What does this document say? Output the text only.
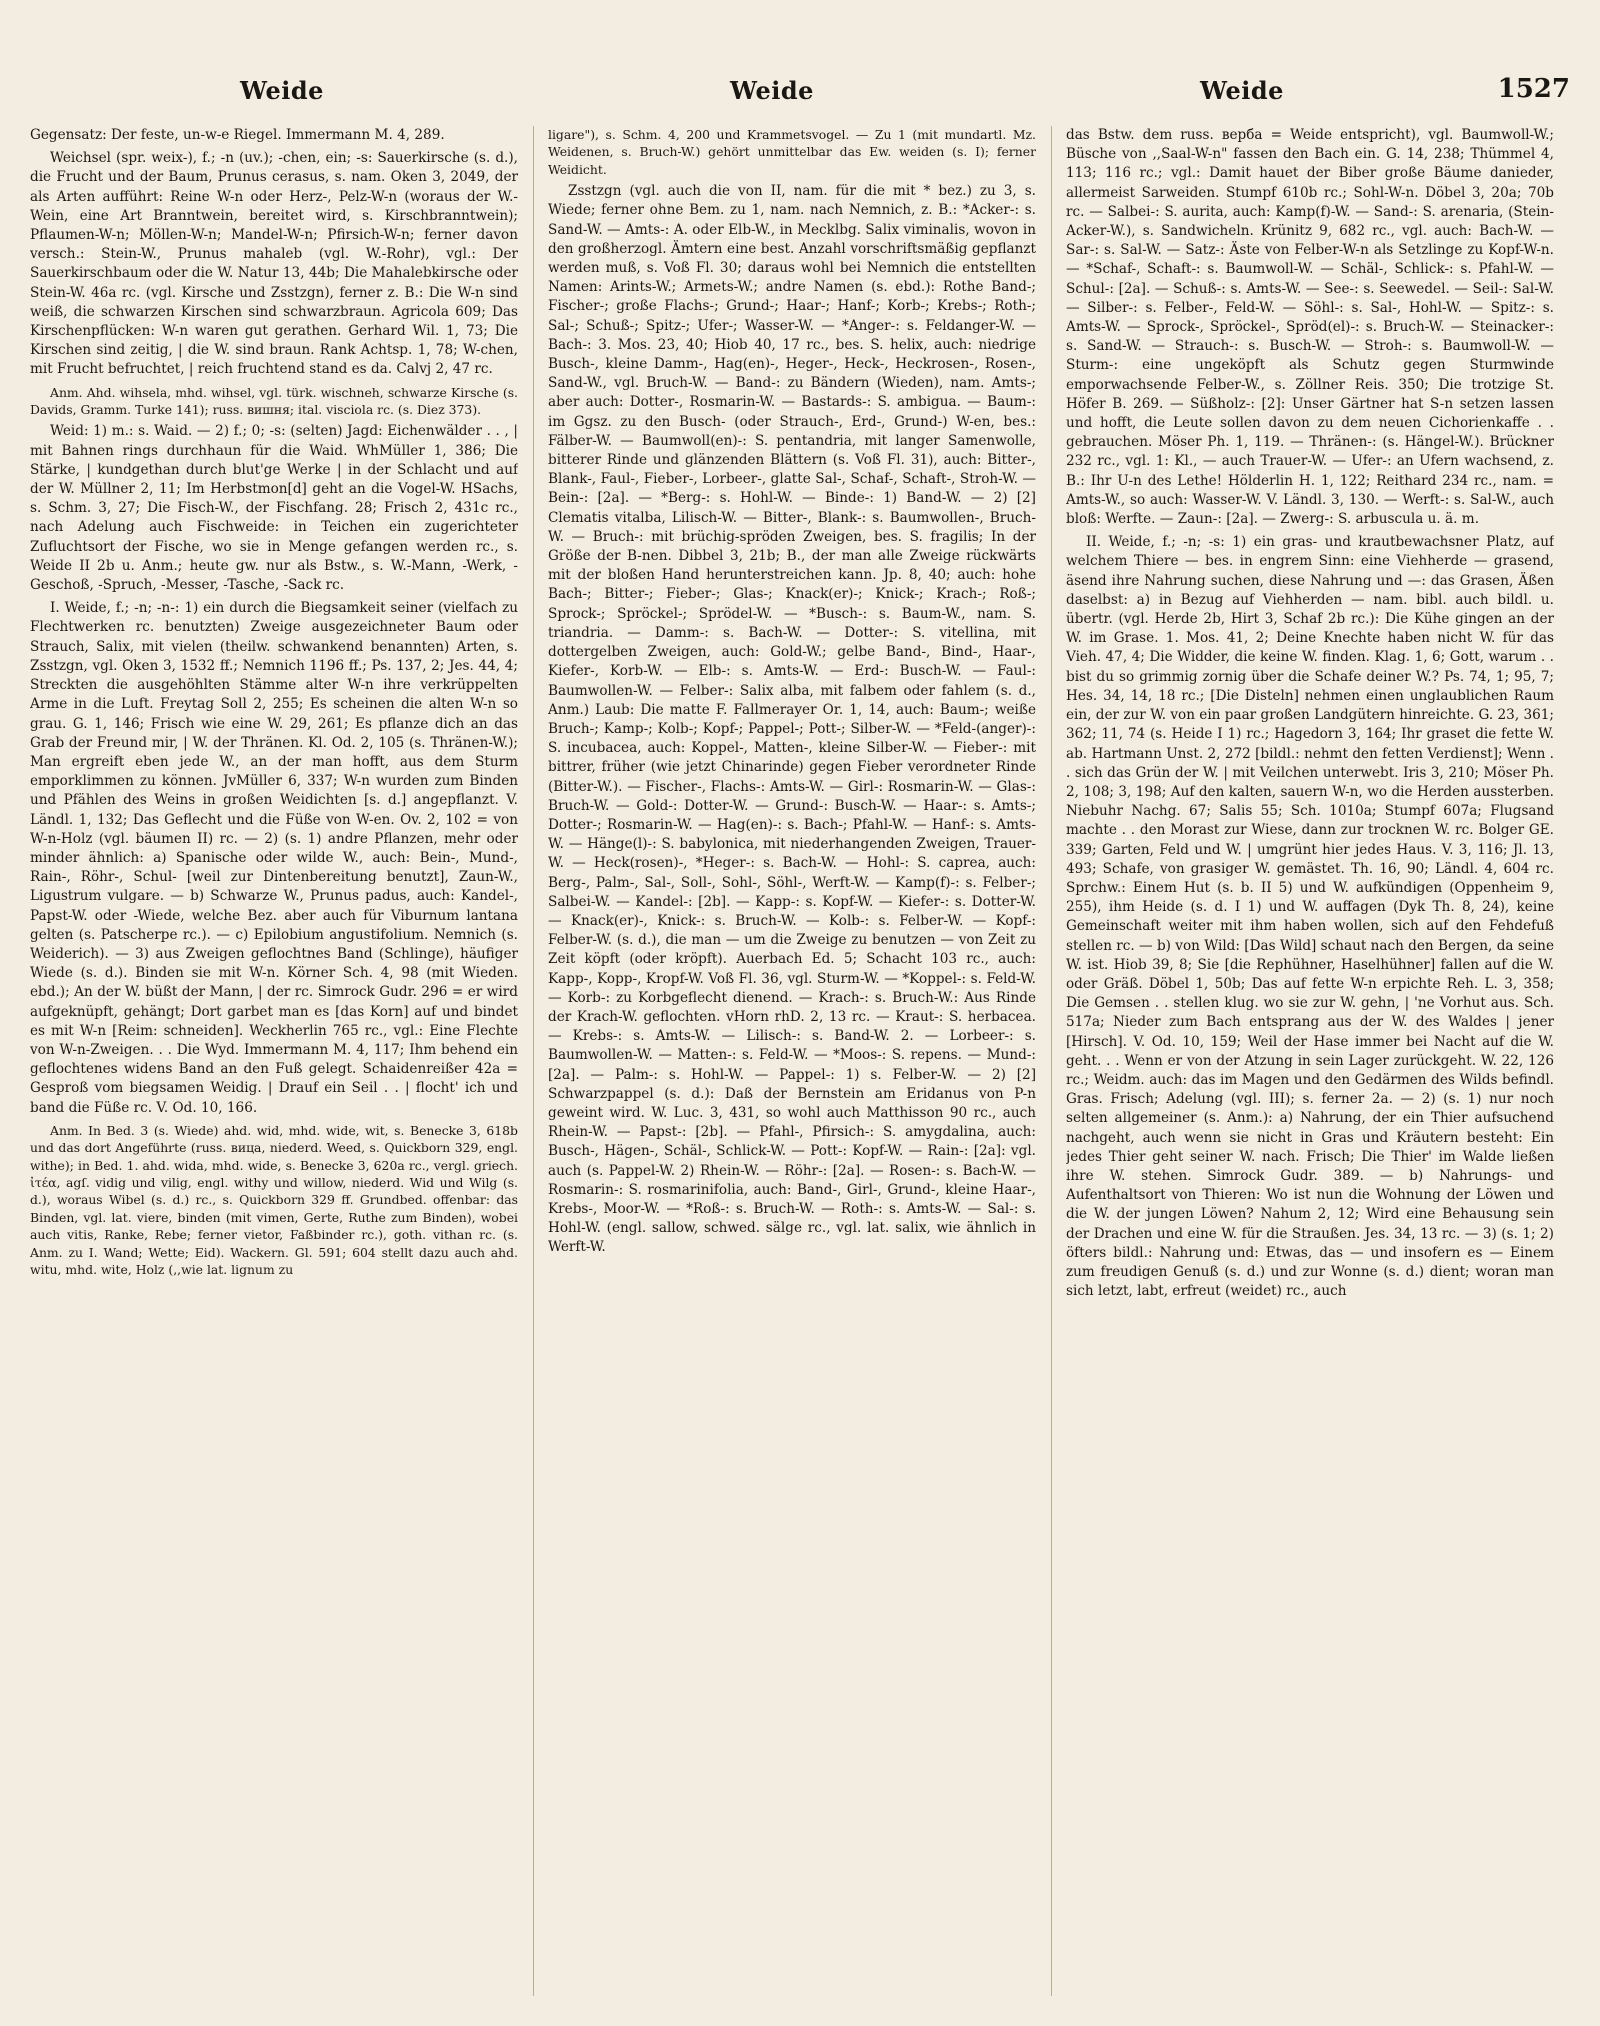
Weide	Weide	Weide	1527

Gegensatz: Der feste, un-w-e Riegel. Immermann M. 4, 289.

Weichsel (spr. weix-), f.; -n (uv.); -chen, ein; -s: Sauerkirsche (s. d.), die Frucht und der Baum, Prunus cerasus, s. nam. Oken 3, 2049, der als Arten aufführt: Reine W-n oder Herz-, Pelz-W-n (woraus der W.-Wein, eine Art Branntwein, bereitet wird, s. Kirschbranntwein); Pflaumen-W-n; Möllen-W-n; Mandel-W-n; Pfirsich-W-n; ferner davon versch.: Stein-W., Prunus mahaleb (vgl. W.-Rohr), vgl.: Der Sauerkirschbaum oder die W. Natur 13, 44b; Die Mahalebkirsche oder Stein-W. 46a rc. (vgl. Kirsche und Zsstzgn), ferner z. B.: Die W-n sind weiß, die schwarzen Kirschen sind schwarzbraun. Agricola 609; Das Kirschenpflücken: W-n waren gut gerathen. Gerhard Wil. 1, 73; Die Kirschen sind zeitig, | die W. sind braun. Rank Achtsp. 1, 78; W-chen, mit Frucht befruchtet, | reich fruchtend stand es da. Calvj 2, 47 rc.

Anm. Ahd. wihsela, mhd. wihsel, vgl. türk. wischneh, schwarze Kirsche (s. Davids, Gramm. Turke 141); russ. вишня; ital. visciola rc. (s. Diez 373).

Weid: 1) m.: s. Waid. — 2) f.; 0; -s: (selten) Jagd: Eichenwälder . . , | mit Bahnen rings durchhaun für die Waid. WhMüller 1, 386; Die Stärke, | kundgethan durch blut'ge Werke | in der Schlacht und auf der W. Müllner 2, 11; Im Herbstmon[d] geht an die Vogel-W. HSachs, s. Schm. 3, 27; Die Fisch-W., der Fischfang. 28; Frisch 2, 431c rc., nach Adelung auch Fischweide: in Teichen ein zugerichteter Zufluchtsort der Fische, wo sie in Menge gefangen werden rc., s. Weide II 2b u. Anm.; heute gw. nur als Bstw., s. W.-Mann, -Werk, -Geschoß, -Spruch, -Messer, -Tasche, -Sack rc.

I. Weide, f.; -n; -n-: 1) ein durch die Biegsamkeit seiner (vielfach zu Flechtwerken rc. benutzten) Zweige ausgezeichneter Baum oder Strauch, Salix, mit vielen (theilw. schwankend benannten) Arten, s. Zsstzgn, vgl. Oken 3, 1532 ff.; Nemnich 1196 ff.; Ps. 137, 2; Jes. 44, 4; Streckten die ausgehöhlten Stämme alter W-n ihre verkrüppelten Arme in die Luft. Freytag Soll 2, 255; Es scheinen die alten W-n so grau. G. 1, 146; Frisch wie eine W. 29, 261; Es pflanze dich an das Grab der Freund mir, | W. der Thränen. Kl. Od. 2, 105 (s. Thränen-W.); Man ergreift eben jede W., an der man hofft, aus dem Sturm emporklimmen zu können. JvMüller 6, 337; W-n wurden zum Binden und Pfählen des Weins in großen Weidichten [s. d.] angepflanzt. V. Ländl. 1, 132; Das Geflecht und die Füße von W-en. Ov. 2, 102 = von W-n-Holz (vgl. bäumen II) rc. — 2) (s. 1) andre Pflanzen, mehr oder minder ähnlich: a) Spanische oder wilde W., auch: Bein-, Mund-, Rain-, Röhr-, Schul- [weil zur Dintenbereitung benutzt], Zaun-W., Ligustrum vulgare. — b) Schwarze W., Prunus padus, auch: Kandel-, Papst-W. oder -Wiede, welche Bez. aber auch für Viburnum lantana gelten (s. Patscherpe rc.). — c) Epilobium angustifolium. Nemnich (s. Weiderich). — 3) aus Zweigen geflochtnes Band (Schlinge), häufiger Wiede (s. d.). Binden sie mit W-n. Körner Sch. 4, 98 (mit Wieden. ebd.); An der W. büßt der Mann, | der rc. Simrock Gudr. 296 = er wird aufgeknüpft, gehängt; Dort garbet man es [das Korn] auf und bindet es mit W-n [Reim: schneiden]. Weckherlin 765 rc., vgl.: Eine Flechte von W-n-Zweigen. . . Die Wyd. Immermann M. 4, 117; Ihm behend ein geflochtenes widens Band an den Fuß gelegt. Schaidenreißer 42a = Gesproß vom biegsamen Weidig. | Drauf ein Seil . . | flocht' ich und band die Füße rc. V. Od. 10, 166.

Anm. In Bed. 3 (s. Wiede) ahd. wid, mhd. wide, wit, s. Benecke 3, 618b und das dort Angeführte (russ. вица, niederd. Weed, s. Quickborn 329, engl. withe); in Bed. 1. ahd. wida, mhd. wide, s. Benecke 3, 620a rc., vergl. griech. ἰτέα, agſ. vidig und vilig, engl. withy und willow, niederd. Wid und Wilg (s. d.), woraus Wibel (s. d.) rc., s. Quickborn 329 ff. Grundbed. offenbar: das Binden, vgl. lat. viere, binden (mit vimen, Gerte, Ruthe zum Binden), wobei auch vitis, Ranke, Rebe; ferner vietor, Faßbinder rc.), goth. vithan rc. (s. Anm. zu I. Wand; Wette; Eid). Wackern. Gl. 591; 604 stellt dazu auch ahd. witu, mhd. wite, Holz (,,wie lat. lignum zu

ligare"), s. Schm. 4, 200 und Krammetsvogel. — Zu 1 (mit mundartl. Mz. Weidenen, s. Bruch-W.) gehört unmittelbar das Ew. weiden (s. I); ferner Weidicht.

Zsstzgn (vgl. auch die von II, nam. für die mit * bez.) zu 3, s. Wiede; ferner ohne Bem. zu 1, nam. nach Nemnich, z. B.: *Acker-: s. Sand-W. — Amts-: A. oder Elb-W., in Mecklbg. Salix viminalis, wovon in den großherzogl. Ämtern eine best. Anzahl vorschriftsmäßig gepflanzt werden muß, s. Voß Fl. 30; daraus wohl bei Nemnich die entstellten Namen: Arints-W.; Armets-W.; andre Namen (s. ebd.): Rothe Band-; Fischer-; große Flachs-; Grund-; Haar-; Hanf-; Korb-; Krebs-; Roth-; Sal-; Schuß-; Spitz-; Ufer-; Wasser-W. — *Anger-: s. Feldanger-W. — Bach-: 3. Mos. 23, 40; Hiob 40, 17 rc., bes. S. helix, auch: niedrige Busch-, kleine Damm-, Hag(en)-, Heger-, Heck-, Heckrosen-, Rosen-, Sand-W., vgl. Bruch-W. — Band-: zu Bändern (Wieden), nam. Amts-; aber auch: Dotter-, Rosmarin-W. — Bastards-: S. ambigua. — Baum-: im Ggsz. zu den Busch- (oder Strauch-, Erd-, Grund-) W-en, bes.: Fälber-W. — Baumwoll(en)-: S. pentandria, mit langer Samenwolle, bitterer Rinde und glänzenden Blättern (s. Voß Fl. 31), auch: Bitter-, Blank-, Faul-, Fieber-, Lorbeer-, glatte Sal-, Schaf-, Schaft-, Stroh-W. — Bein-: [2a]. — *Berg-: s. Hohl-W. — Binde-: 1) Band-W. — 2) [2] Clematis vitalba, Lilisch-W. — Bitter-, Blank-: s. Baumwollen-, Bruch-W. — Bruch-: mit brüchig-spröden Zweigen, bes. S. fragilis; In der Größe der B-nen. Dibbel 3, 21b; B., der man alle Zweige rückwärts mit der bloßen Hand herunterstreichen kann. Jp. 8, 40; auch: hohe Bach-; Bitter-; Fieber-; Glas-; Knack(er)-; Knick-; Krach-; Roß-; Sprock-; Spröckel-; Sprödel-W. — *Busch-: s. Baum-W., nam. S. triandria. — Damm-: s. Bach-W. — Dotter-: S. vitellina, mit dottergelben Zweigen, auch: Gold-W.; gelbe Band-, Bind-, Haar-, Kiefer-, Korb-W. — Elb-: s. Amts-W. — Erd-: Busch-W. — Faul-: Baumwollen-W. — Felber-: Salix alba, mit falbem oder fahlem (s. d., Anm.) Laub: Die matte F. Fallmerayer Or. 1, 14, auch: Baum-; weiße Bruch-; Kamp-; Kolb-; Kopf-; Pappel-; Pott-; Silber-W. — *Feld-(anger)-: S. incubacea, auch: Koppel-, Matten-, kleine Silber-W. — Fieber-: mit bittrer, früher (wie jetzt Chinarinde) gegen Fieber verordneter Rinde (Bitter-W.). — Fischer-, Flachs-: Amts-W. — Girl-: Rosmarin-W. — Glas-: Bruch-W. — Gold-: Dotter-W. — Grund-: Busch-W. — Haar-: s. Amts-; Dotter-; Rosmarin-W. — Hag(en)-: s. Bach-; Pfahl-W. — Hanf-: s. Amts-W. — Hänge(l)-: S. babylonica, mit niederhangenden Zweigen, Trauer-W. — Heck(rosen)-, *Heger-: s. Bach-W. — Hohl-: S. caprea, auch: Berg-, Palm-, Sal-, Soll-, Sohl-, Söhl-, Werft-W. — Kamp(f)-: s. Felber-; Salbei-W. — Kandel-: [2b]. — Kapp-: s. Kopf-W. — Kiefer-: s. Dotter-W. — Knack(er)-, Knick-: s. Bruch-W. — Kolb-: s. Felber-W. — Kopf-: Felber-W. (s. d.), die man — um die Zweige zu benutzen — von Zeit zu Zeit köpft (oder kröpft). Auerbach Ed. 5; Schacht 103 rc., auch: Kapp-, Kopp-, Kropf-W. Voß Fl. 36, vgl. Sturm-W. — *Koppel-: s. Feld-W. — Korb-: zu Korbgeflecht dienend. — Krach-: s. Bruch-W.: Aus Rinde der Krach-W. geflochten. vHorn rhD. 2, 13 rc. — Kraut-: S. herbacea. — Krebs-: s. Amts-W. — Lilisch-: s. Band-W. 2. — Lorbeer-: s. Baumwollen-W. — Matten-: s. Feld-W. — *Moos-: S. repens. — Mund-: [2a]. — Palm-: s. Hohl-W. — Pappel-: 1) s. Felber-W. — 2) [2] Schwarzpappel (s. d.): Daß der Bernstein am Eridanus von P-n geweint wird. W. Luc. 3, 431, so wohl auch Matthisson 90 rc., auch Rhein-W. — Papst-: [2b]. — Pfahl-, Pfirsich-: S. amygdalina, auch: Busch-, Hägen-, Schäl-, Schlick-W. — Pott-: Kopf-W. — Rain-: [2a]: vgl. auch (s. Pappel-W. 2) Rhein-W. — Röhr-: [2a]. — Rosen-: s. Bach-W. — Rosmarin-: S. rosmarinifolia, auch: Band-, Girl-, Grund-, kleine Haar-, Krebs-, Moor-W. — *Roß-: s. Bruch-W. — Roth-: s. Amts-W. — Sal-: s. Hohl-W. (engl. sallow, schwed. sälge rc., vgl. lat. salix, wie ähnlich in Werft-W.

das Bstw. dem russ. верба = Weide entspricht), vgl. Baumwoll-W.; Büsche von ,,Saal-W-n" fassen den Bach ein. G. 14, 238; Thümmel 4, 113; 116 rc.; vgl.: Damit hauet der Biber große Bäume danieder, allermeist Sarweiden. Stumpf 610b rc.; Sohl-W-n. Döbel 3, 20a; 70b rc. — Salbei-: S. aurita, auch: Kamp(f)-W. — Sand-: S. arenaria, (Stein-Acker-W.), s. Sandwicheln. Krünitz 9, 682 rc., vgl. auch: Bach-W. — Sar-: s. Sal-W. — Satz-: Äste von Felber-W-n als Setzlinge zu Kopf-W-n. — *Schaf-, Schaft-: s. Baumwoll-W. — Schäl-, Schlick-: s. Pfahl-W. — Schul-: [2a]. — Schuß-: s. Amts-W. — See-: s. Seewedel. — Seil-: Sal-W. — Silber-: s. Felber-, Feld-W. — Söhl-: s. Sal-, Hohl-W. — Spitz-: s. Amts-W. — Sprock-, Spröckel-, Spröd(el)-: s. Bruch-W. — Steinacker-: s. Sand-W. — Strauch-: s. Busch-W. — Stroh-: s. Baumwoll-W. — Sturm-: eine ungeköpft als Schutz gegen Sturmwinde emporwachsende Felber-W., s. Zöllner Reis. 350; Die trotzige St. Höfer B. 269. — Süßholz-: [2]: Unser Gärtner hat S-n setzen lassen und hofft, die Leute sollen davon zu dem neuen Cichorienkaffe . . gebrauchen. Möser Ph. 1, 119. — Thränen-: (s. Hängel-W.). Brückner 232 rc., vgl. 1: Kl., — auch Trauer-W. — Ufer-: an Ufern wachsend, z. B.: Ihr U-n des Lethe! Hölderlin H. 1, 122; Reithard 234 rc., nam. = Amts-W., so auch: Wasser-W. V. Ländl. 3, 130. — Werft-: s. Sal-W., auch bloß: Werfte. — Zaun-: [2a]. — Zwerg-: S. arbuscula u. ä. m.

II. Weide, f.; -n; -s: 1) ein gras- und krautbewachsner Platz, auf welchem Thiere — bes. in engrem Sinn: eine Viehherde — grasend, äsend ihre Nahrung suchen, diese Nahrung und —: das Grasen, Äßen daselbst: a) in Bezug auf Viehherden — nam. bibl. auch bildl. u. übertr. (vgl. Herde 2b, Hirt 3, Schaf 2b rc.): Die Kühe gingen an der W. im Grase. 1. Mos. 41, 2; Deine Knechte haben nicht W. für das Vieh. 47, 4; Die Widder, die keine W. finden. Klag. 1, 6; Gott, warum . . bist du so grimmig zornig über die Schafe deiner W.? Ps. 74, 1; 95, 7; Hes. 34, 14, 18 rc.; [Die Disteln] nehmen einen unglaublichen Raum ein, der zur W. von ein paar großen Landgütern hinreichte. G. 23, 361; 362; 11, 74 (s. Heide I 1) rc.; Hagedorn 3, 164; Ihr graset die fette W. ab. Hartmann Unst. 2, 272 [bildl.: nehmt den fetten Verdienst]; Wenn . . sich das Grün der W. | mit Veilchen unterwebt. Iris 3, 210; Möser Ph. 2, 108; 3, 198; Auf den kalten, sauern W-n, wo die Herden aussterben. Niebuhr Nachg. 67; Salis 55; Sch. 1010a; Stumpf 607a; Flugsand machte . . den Morast zur Wiese, dann zur trocknen W. rc. Bolger GE. 339; Garten, Feld und W. | umgrünt hier jedes Haus. V. 3, 116; Jl. 13, 493; Schafe, von grasiger W. gemästet. Th. 16, 90; Ländl. 4, 604 rc. Sprchw.: Einem Hut (s. b. II 5) und W. aufkündigen (Oppenheim 9, 255), ihm Heide (s. d. I 1) und W. auffagen (Dyk Th. 8, 24), keine Gemeinschaft weiter mit ihm haben wollen, sich auf den Fehdefuß stellen rc. — b) von Wild: [Das Wild] schaut nach den Bergen, da seine W. ist. Hiob 39, 8; Sie [die Rephühner, Haselhühner] fallen auf die W. oder Gräß. Döbel 1, 50b; Das auf fette W-n erpichte Reh. L. 3, 358; Die Gemsen . . stellen klug. wo sie zur W. gehn, | 'ne Vorhut aus. Sch. 517a; Nieder zum Bach entsprang aus der W. des Waldes | jener [Hirsch]. V. Od. 10, 159; Weil der Hase immer bei Nacht auf die W. geht. . . Wenn er von der Atzung in sein Lager zurückgeht. W. 22, 126 rc.; Weidm. auch: das im Magen und den Gedärmen des Wilds befindl. Gras. Frisch; Adelung (vgl. III); s. ferner 2a. — 2) (s. 1) nur noch selten allgemeiner (s. Anm.): a) Nahrung, der ein Thier aufsuchend nachgeht, auch wenn sie nicht in Gras und Kräutern besteht: Ein jedes Thier geht seiner W. nach. Frisch; Die Thier' im Walde ließen ihre W. stehen. Simrock Gudr. 389. — b) Nahrungs- und Aufenthaltsort von Thieren: Wo ist nun die Wohnung der Löwen und die W. der jungen Löwen? Nahum 2, 12; Wird eine Behausung sein der Drachen und eine W. für die Straußen. Jes. 34, 13 rc. — 3) (s. 1; 2) öfters bildl.: Nahrung und: Etwas, das — und insofern es — Einem zum freudigen Genuß (s. d.) und zur Wonne (s. d.) dient; woran man sich letzt, labt, erfreut (weidet) rc., auch
